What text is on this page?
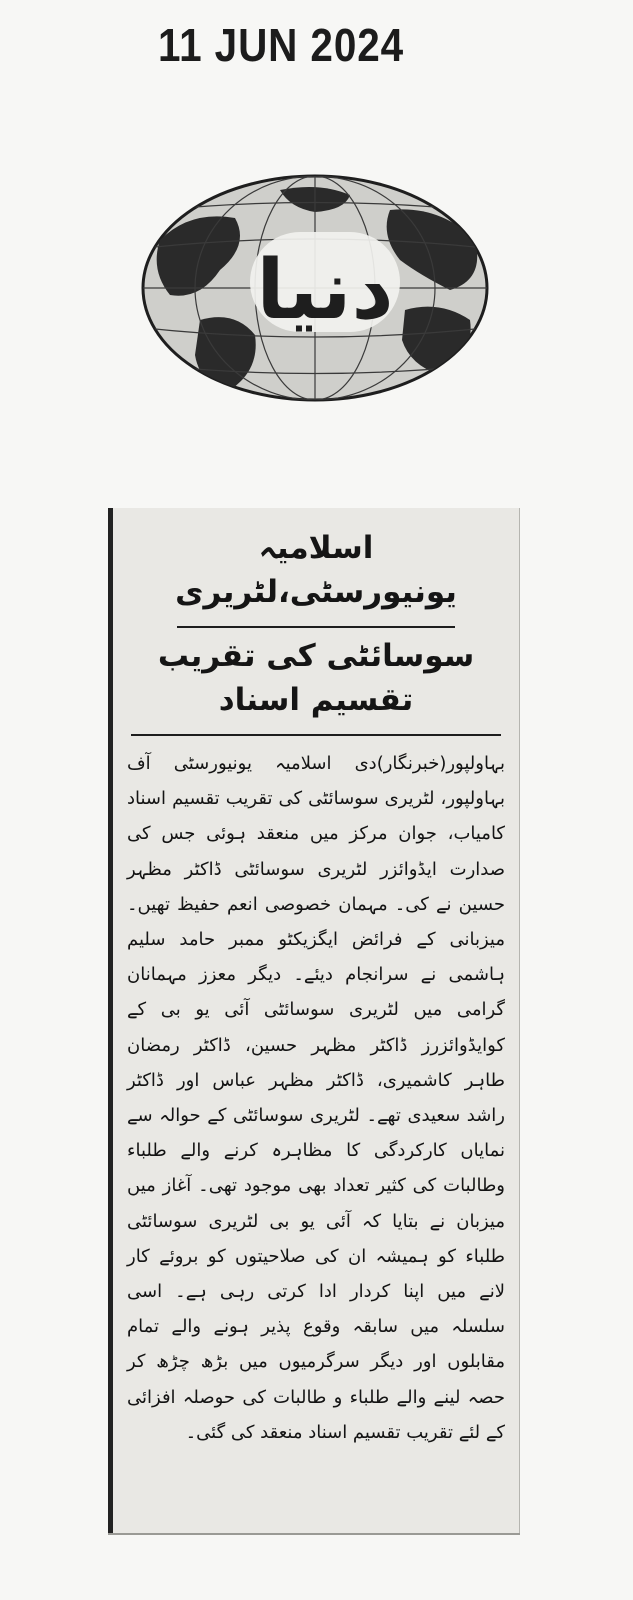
11 JUN 2024
دنیا
اسلامیہ یونیورسٹی،لٹریری
سوسائٹی کی تقریب تقسیم اسناد
بہاولپور(خبرنگار)دی اسلامیہ یونیورسٹی آف بہاولپور، لٹریری سوسائٹی کی تقریب تقسیم اسناد کامیاب، جوان مرکز میں منعقد ہوئی جس کی صدارت ایڈوائزر لٹریری سوسائٹی ڈاکٹر مظہر حسین نے کی۔ مہمان خصوصی انعم حفیظ تھیں۔ میزبانی کے فرائض ایگزیکٹو ممبر حامد سلیم ہاشمی نے سرانجام دیئے۔ دیگر معزز مہمانان گرامی میں لٹریری سوسائٹی آئی یو بی کے کوایڈوائزرز ڈاکٹر مظہر حسین، ڈاکٹر رمضان طاہر کاشمیری، ڈاکٹر مظہر عباس اور ڈاکٹر راشد سعیدی تھے۔ لٹریری سوسائٹی کے حوالہ سے نمایاں کارکردگی کا مظاہرہ کرنے والے طلباء وطالبات کی کثیر تعداد بھی موجود تھی۔ آغاز میں میزبان نے بتایا کہ آئی یو بی لٹریری سوسائٹی طلباء کو ہمیشہ ان کی صلاحیتوں کو بروئے کار لانے میں اپنا کردار ادا کرتی رہی ہے۔ اسی سلسلہ میں سابقہ وقوع پذیر ہونے والے تمام مقابلوں اور دیگر سرگرمیوں میں بڑھ چڑھ کر حصہ لینے والے طلباء و طالبات کی حوصلہ افزائی کے لئے تقریب تقسیم اسناد منعقد کی گئی۔
